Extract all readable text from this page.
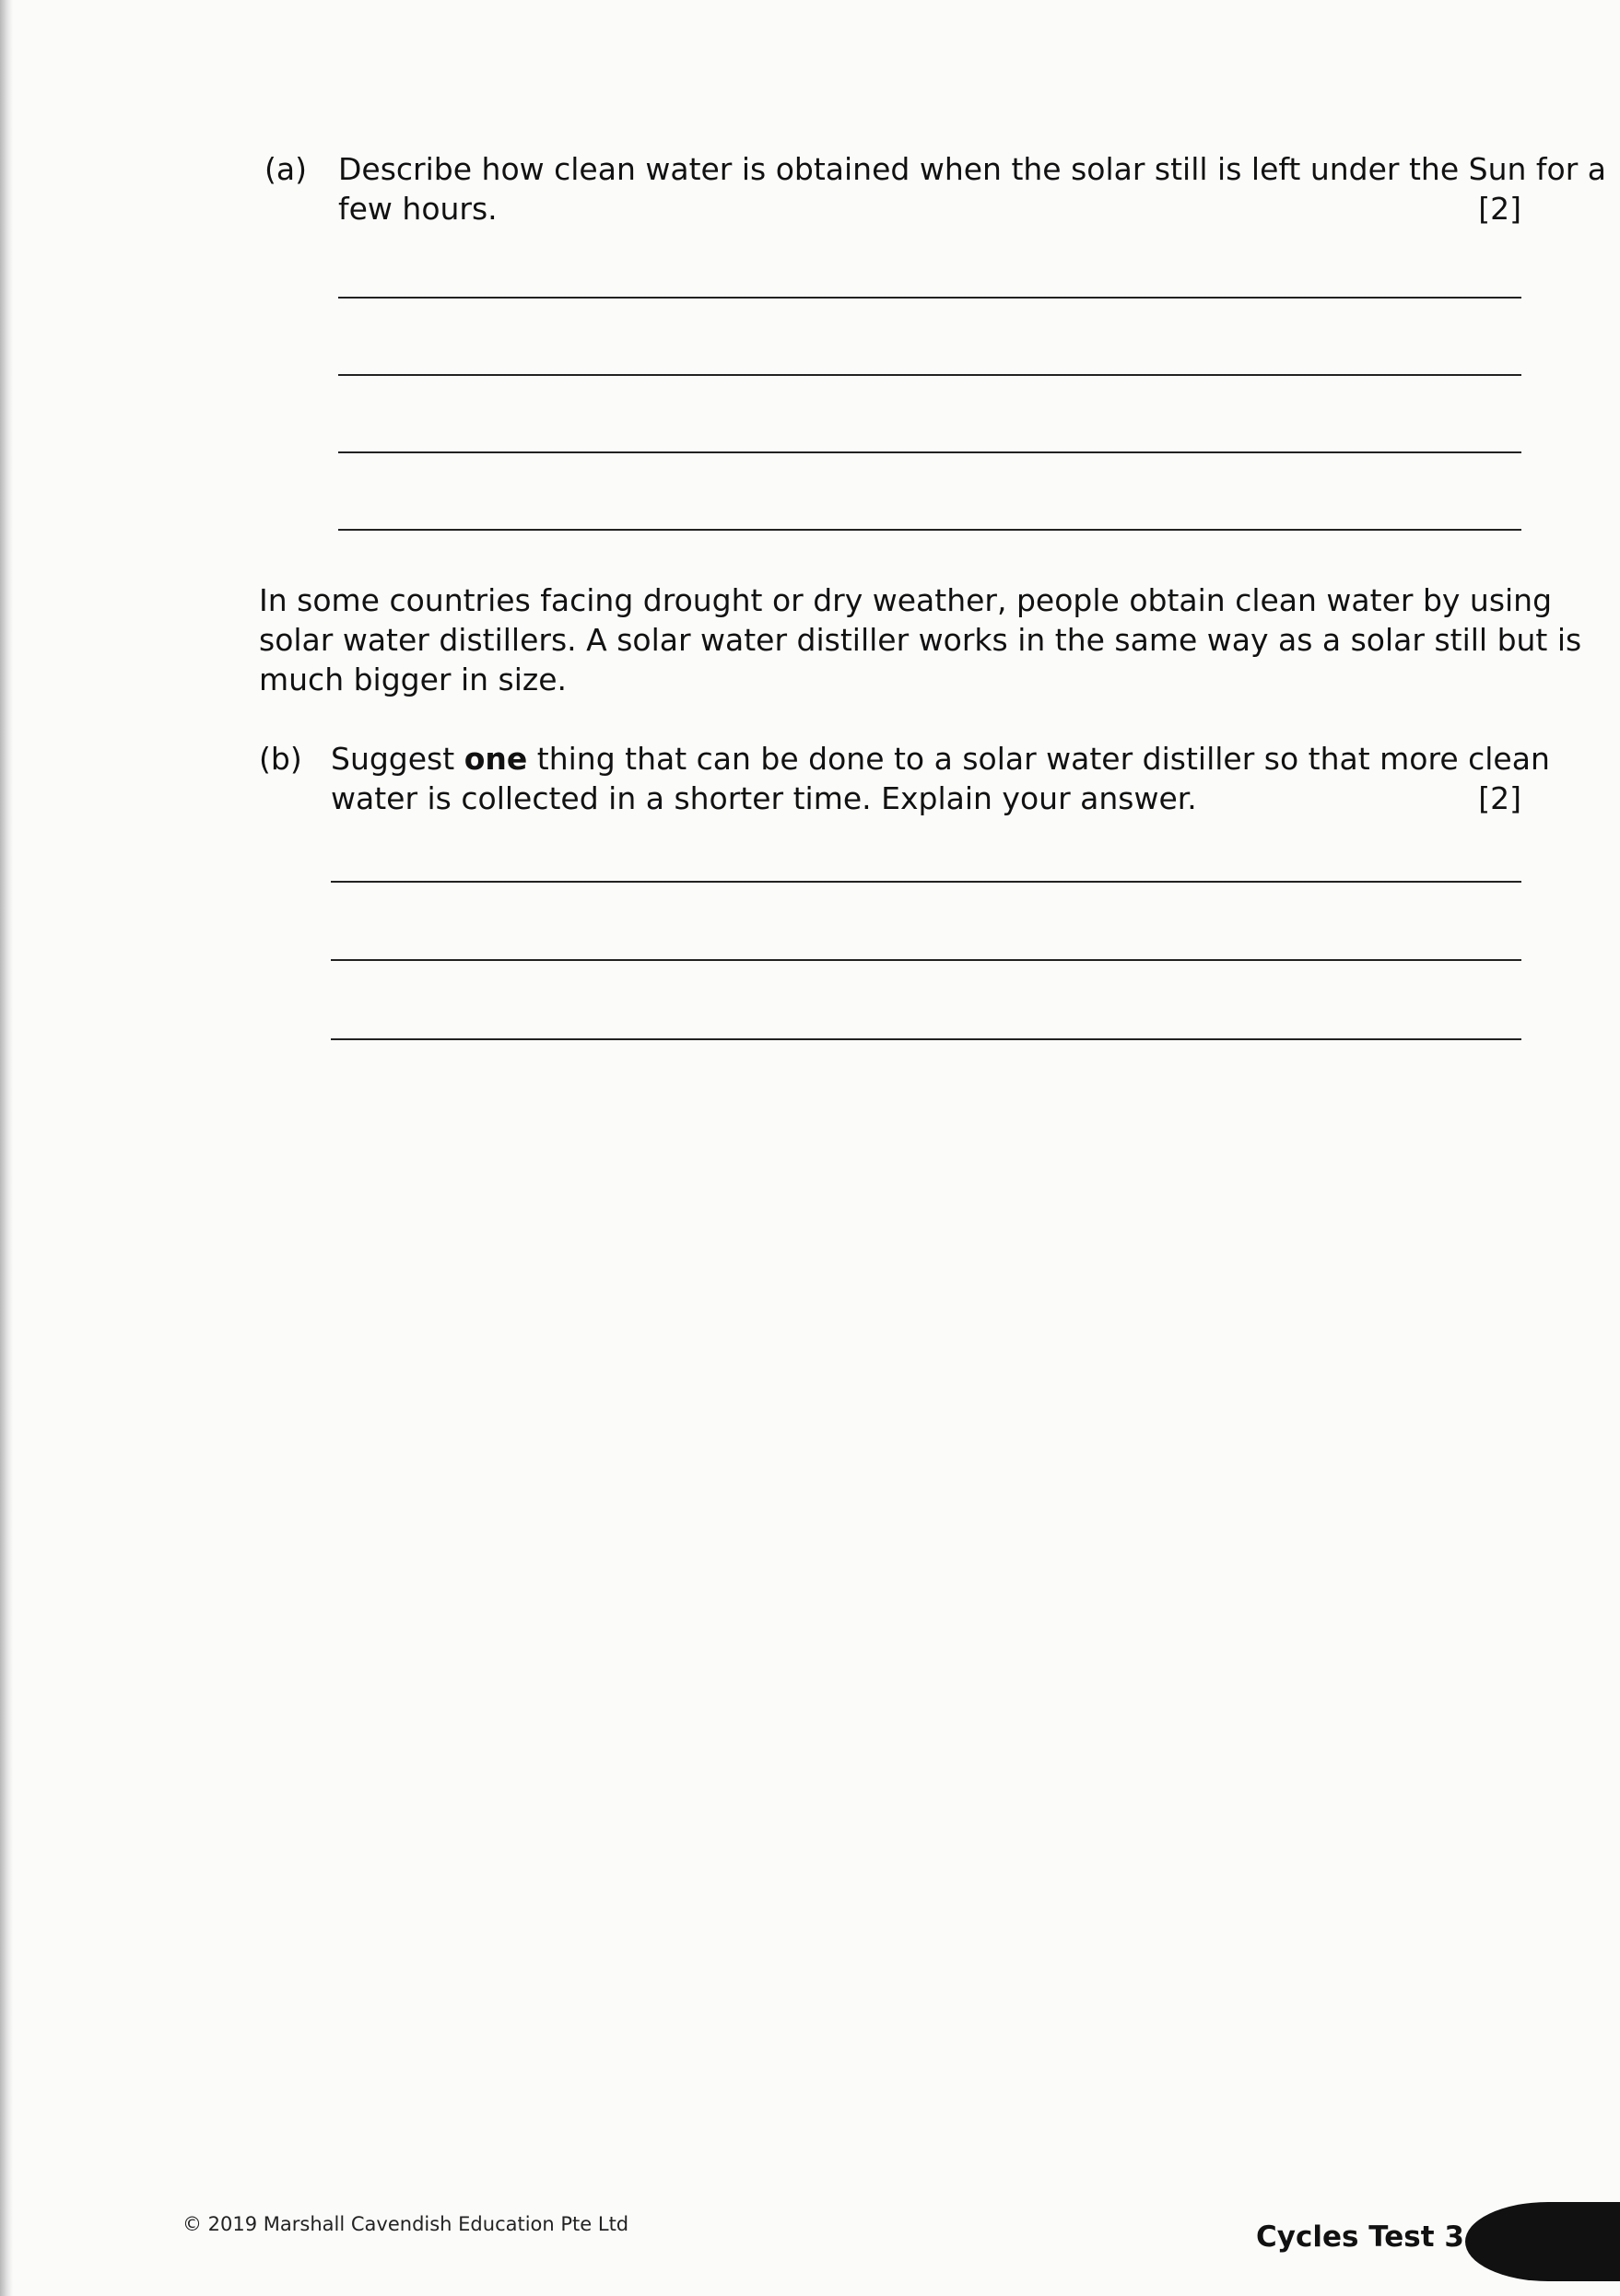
(a) Describe how clean water is obtained when the solar still is left under the Sun for a
few hours.	[2]
In some countries facing drought or dry weather, people obtain clean water by using
solar water distillers. A solar water distiller works in the same way as a solar still but is
much bigger in size.
(b) Suggest one thing that can be done to a solar water distiller so that more clean
water is collected in a shorter time. Explain your answer.	[2]
© 2019 Marshall Cavendish Education Pte Ltd	Cycles Test 3
